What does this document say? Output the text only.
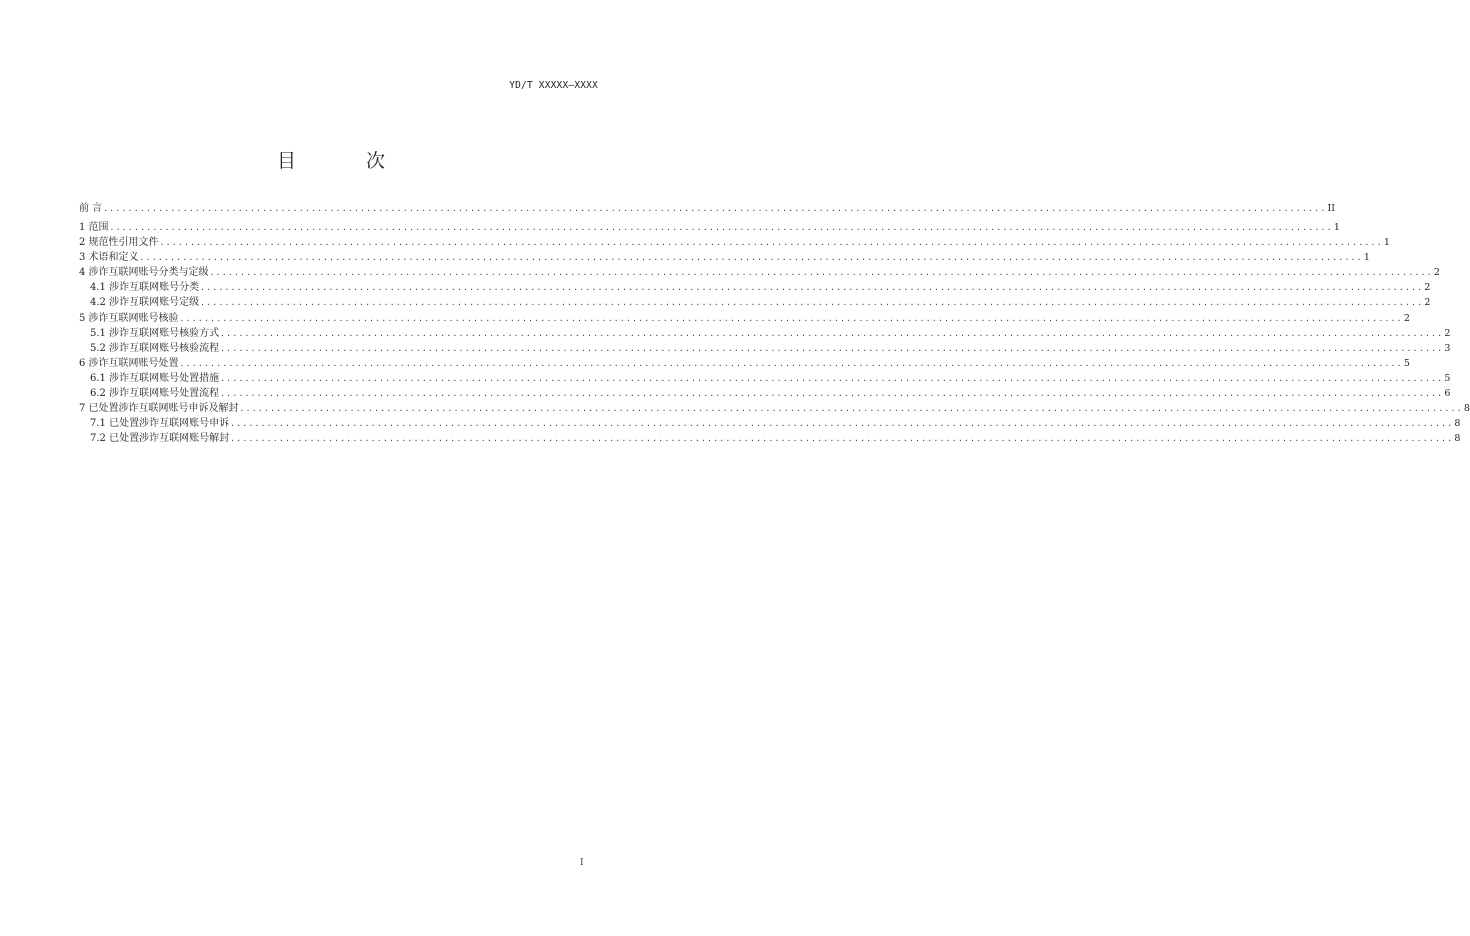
YD/T XXXXX—XXXX
目 次
前 言 ........................................................................................................................................................................................................ II
1 范围 ........................................................................................................................................................................................................ 1
2 规范性引用文件 ........................................................................................................................................................................................................ 1
3 术语和定义 ........................................................................................................................................................................................................ 1
4 涉诈互联网账号分类与定级 ........................................................................................................................................................................................................ 2
4.1 涉诈互联网账号分类 ........................................................................................................................................................................................................ 2
4.2 涉诈互联网账号定级 ........................................................................................................................................................................................................ 2
5 涉诈互联网账号核验 ........................................................................................................................................................................................................ 2
5.1 涉诈互联网账号核验方式 ........................................................................................................................................................................................................ 2
5.2 涉诈互联网账号核验流程 ........................................................................................................................................................................................................ 3
6 涉诈互联网账号处置 ........................................................................................................................................................................................................ 5
6.1 涉诈互联网账号处置措施 ........................................................................................................................................................................................................ 5
6.2 涉诈互联网账号处置流程 ........................................................................................................................................................................................................ 6
7 已处置涉诈互联网账号申诉及解封 ........................................................................................................................................................................................................ 8
7.1 已处置涉诈互联网账号申诉 ........................................................................................................................................................................................................ 8
7.2 已处置涉诈互联网账号解封 ........................................................................................................................................................................................................ 8
I
